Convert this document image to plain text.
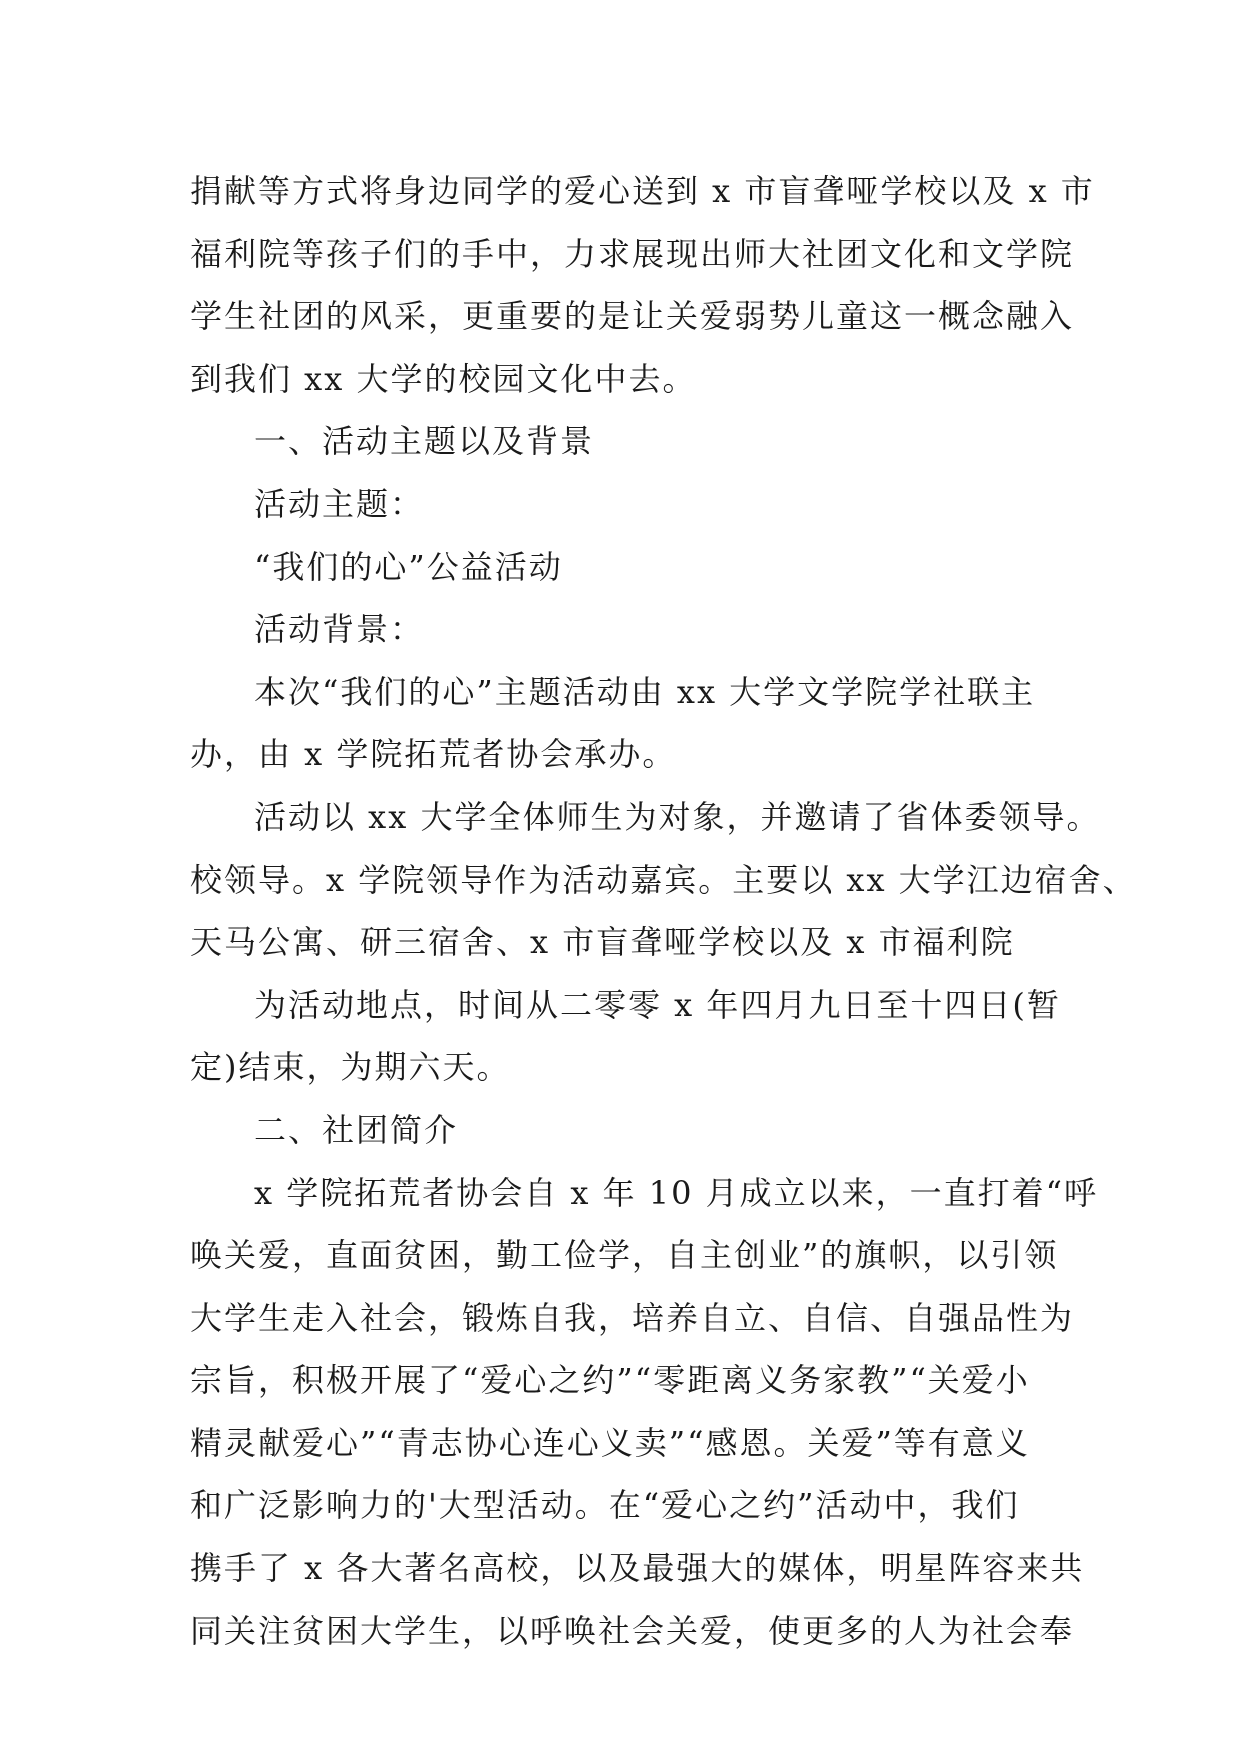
捐献等方式将身边同学的爱心送到 x 市盲聋哑学校以及 x 市
福利院等孩子们的手中，力求展现出师大社团文化和文学院
学生社团的风采，更重要的是让关爱弱势儿童这一概念融入
到我们 xx 大学的校园文化中去。
一、活动主题以及背景
活动主题：
“我们的心”公益活动
活动背景：
本次“我们的心”主题活动由 xx 大学文学院学社联主
办，由 x 学院拓荒者协会承办。
活动以 xx 大学全体师生为对象，并邀请了省体委领导。
校领导。x 学院领导作为活动嘉宾。主要以 xx 大学江边宿舍、
天马公寓、研三宿舍、x 市盲聋哑学校以及 x 市福利院
为活动地点，时间从二零零 x 年四月九日至十四日(暂
定)结束，为期六天。
二、社团简介
x 学院拓荒者协会自 x 年 10 月成立以来，一直打着“呼
唤关爱，直面贫困，勤工俭学，自主创业”的旗帜，以引领
大学生走入社会，锻炼自我，培养自立、自信、自强品性为
宗旨，积极开展了“爱心之约”“零距离义务家教”“关爱小
精灵献爱心”“青志协心连心义卖”“感恩。关爱”等有意义
和广泛影响力的'大型活动。在“爱心之约”活动中，我们
携手了 x 各大著名高校，以及最强大的媒体，明星阵容来共
同关注贫困大学生，以呼唤社会关爱，使更多的人为社会奉
